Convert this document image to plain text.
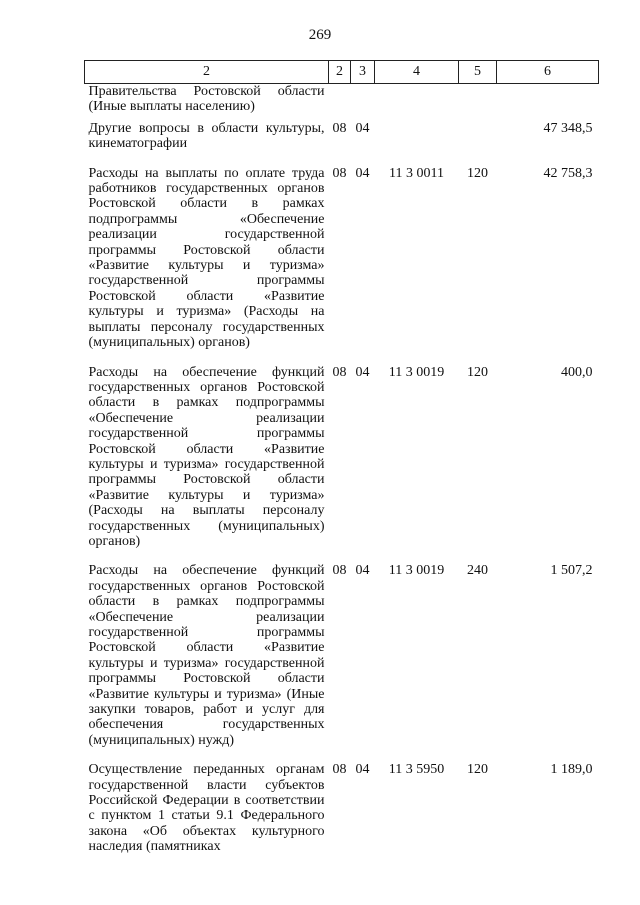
269
2	2	3	4	5	6
Правительства Ростовской области (Иные выплаты населению)					
Другие вопросы в области культуры, кинематографии	08	04			47 348,5
Расходы на выплаты по оплате труда работников государственных органов Ростовской области в рамках подпрограммы «Обеспечение реализации государственной программы Ростовской области «Развитие культуры и туризма» государственной программы Ростовской области «Развитие культуры и туризма» (Расходы на выплаты персоналу государственных (муниципальных) органов)	08	04	11 3 0011	120	42 758,3
Расходы на обеспечение функций государственных органов Ростовской области в рамках подпрограммы «Обеспечение реализации государственной программы Ростовской области «Развитие культуры и туризма» государственной программы Ростовской области «Развитие культуры и туризма» (Расходы на выплаты персоналу государственных (муниципальных) органов)	08	04	11 3 0019	120	400,0
Расходы на обеспечение функций государственных органов Ростовской области в рамках подпрограммы «Обеспечение реализации государственной программы Ростовской области «Развитие культуры и туризма» государственной программы Ростовской области «Развитие культуры и туризма» (Иные закупки товаров, работ и услуг для обеспечения государственных (муниципальных) нужд)	08	04	11 3 0019	240	1 507,2
Осуществление переданных органам государственной власти субъектов Российской Федерации в соответствии с пунктом 1 статьи 9.1 Федерального закона «Об объектах культурного наследия (памятниках	08	04	11 3 5950	120	1 189,0
